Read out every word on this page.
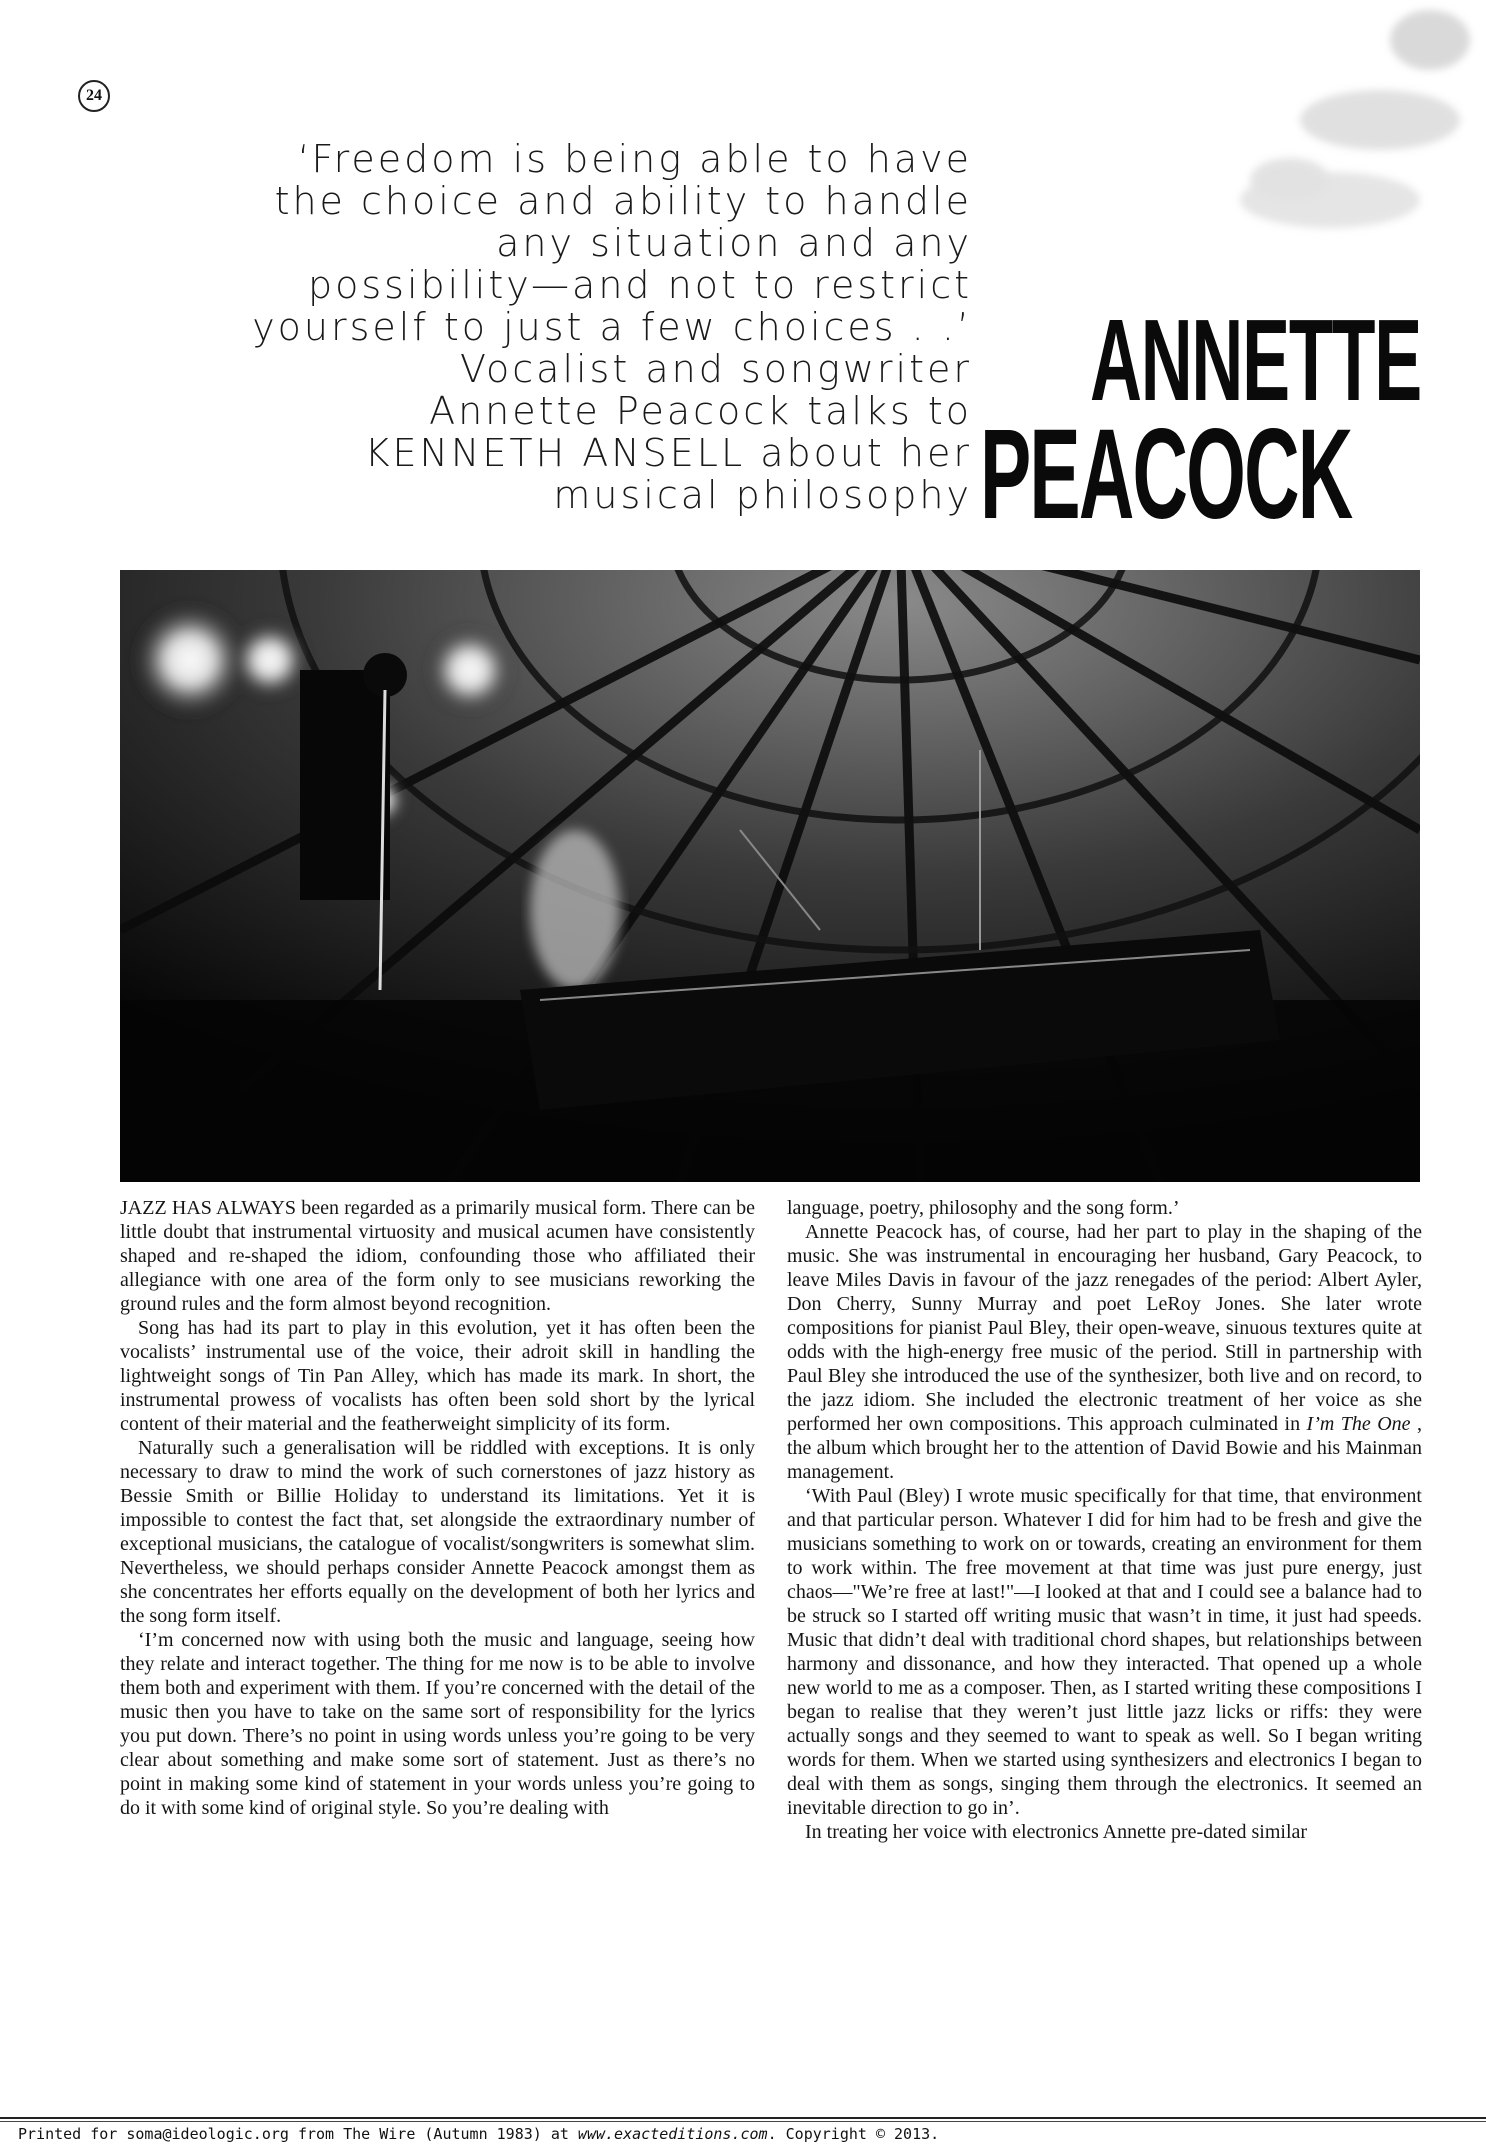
24
‘Freedom is being able to have
the choice and ability to handle
any situation and any
possibility—and not to restrict
yourself to just a few choices . .’
Vocalist and songwriter
Annette Peacock talks to
KENNETH ANSELL about her
musical philosophy
ANNETTE
PEACOCK

JAZZ HAS ALWAYS been regarded as a primarily musical form. There can be little doubt that instrumental virtuosity and musical acumen have consistently shaped and re-shaped the idiom, confounding those who affiliated their allegiance with one area of the form only to see musicians reworking the ground rules and the form almost beyond recognition.

Song has had its part to play in this evolution, yet it has often been the vocalists’ instrumental use of the voice, their adroit skill in handling the lightweight songs of Tin Pan Alley, which has made its mark. In short, the instrumental prowess of vocalists has often been sold short by the lyrical content of their material and the featherweight simplicity of its form.

Naturally such a generalisation will be riddled with exceptions. It is only necessary to draw to mind the work of such cornerstones of jazz history as Bessie Smith or Billie Holiday to understand its limitations. Yet it is impossible to contest the fact that, set alongside the extraordinary number of exceptional musicians, the catalogue of vocalist/songwriters is somewhat slim. Nevertheless, we should perhaps consider Annette Peacock amongst them as she concentrates her efforts equally on the development of both her lyrics and the song form itself.

‘I’m concerned now with using both the music and language, seeing how they relate and interact together. The thing for me now is to be able to involve them both and experiment with them. If you’re concerned with the detail of the music then you have to take on the same sort of responsibility for the lyrics you put down. There’s no point in using words unless you’re going to be very clear about something and make some sort of statement. Just as there’s no point in making some kind of statement in your words unless you’re going to do it with some kind of original style. So you’re dealing with

language, poetry, philosophy and the song form.’

Annette Peacock has, of course, had her part to play in the shaping of the music. She was instrumental in encouraging her husband, Gary Peacock, to leave Miles Davis in favour of the jazz renegades of the period: Albert Ayler, Don Cherry, Sunny Murray and poet LeRoy Jones. She later wrote compositions for pianist Paul Bley, their open-weave, sinuous textures quite at odds with the high-energy free music of the period. Still in partnership with Paul Bley she introduced the use of the synthesizer, both live and on record, to the jazz idiom. She included the electronic treatment of her voice as she performed her own compositions. This approach culminated in I’m The One , the album which brought her to the attention of David Bowie and his Mainman management.

‘With Paul (Bley) I wrote music specifically for that time, that environment and that particular person. Whatever I did for him had to be fresh and give the musicians something to work on or towards, creating an environment for them to work within. The free movement at that time was just pure energy, just chaos—"We’re free at last!"—I looked at that and I could see a balance had to be struck so I started off writing music that wasn’t in time, it just had speeds. Music that didn’t deal with traditional chord shapes, but relationships between harmony and dissonance, and how they interacted. That opened up a whole new world to me as a composer. Then, as I started writing these compositions I began to realise that they weren’t just little jazz licks or riffs: they were actually songs and they seemed to want to speak as well. So I began writing words for them. When we started using synthesizers and electronics I began to deal with them as songs, singing them through the electronics. It seemed an inevitable direction to go in’.

In treating her voice with electronics Annette pre-dated similar

Printed for soma@ideologic.org from The Wire (Autumn 1983) at www.exacteditions.com. Copyright © 2013.
